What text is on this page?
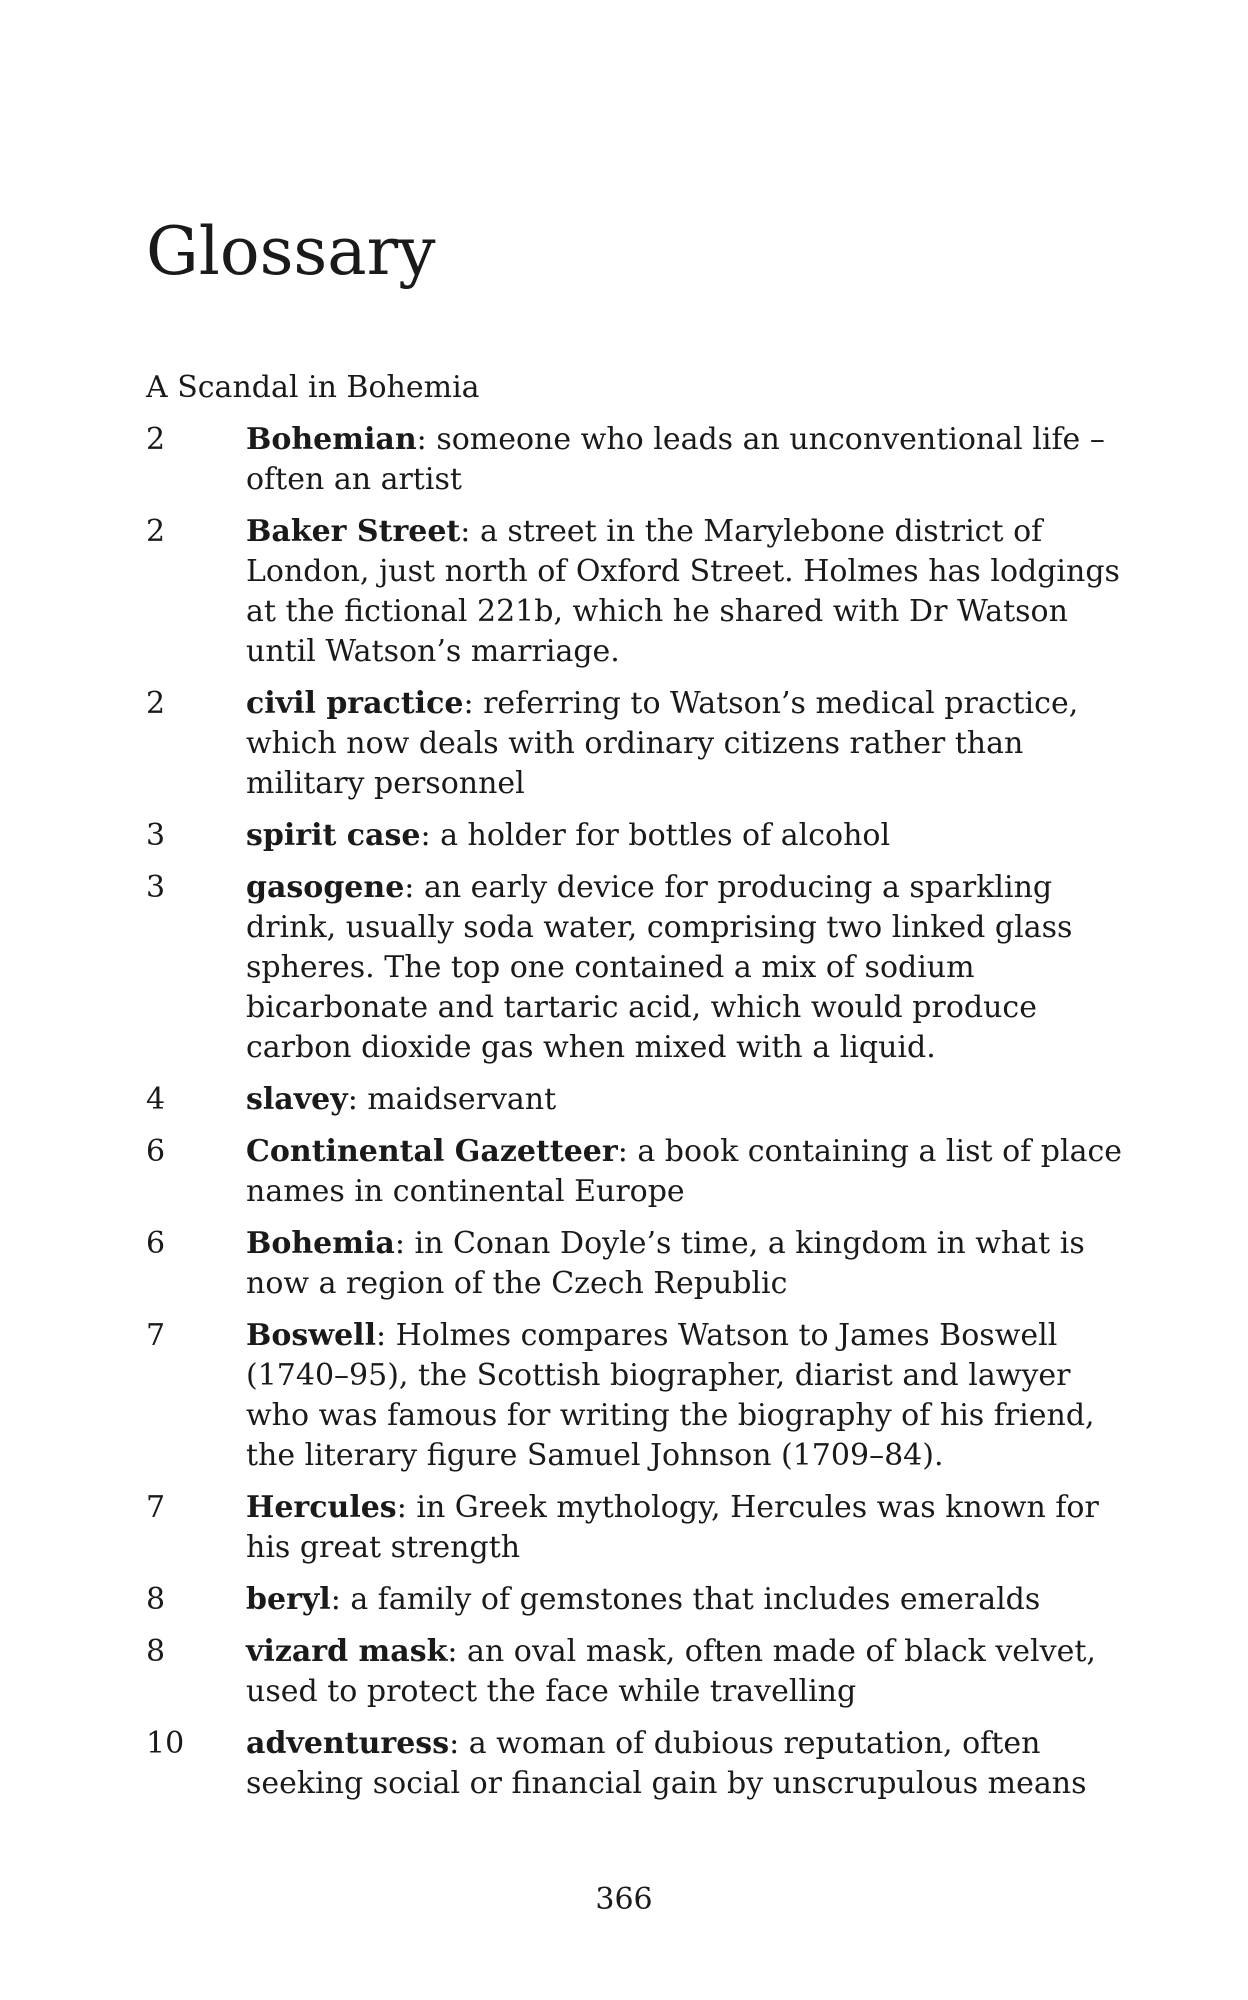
Glossary
A Scandal in Bohemia
2	Bohemian: someone who leads an unconventional life – often an artist
2	Baker Street: a street in the Marylebone district of London, just north of Oxford Street. Holmes has lodgings at the fictional 221b, which he shared with Dr Watson until Watson’s marriage.
2	civil practice: referring to Watson’s medical practice, which now deals with ordinary citizens rather than military personnel
3	spirit case: a holder for bottles of alcohol
3	gasogene: an early device for producing a sparkling drink, usually soda water, comprising two linked glass spheres. The top one contained a mix of sodium bicarbonate and tartaric acid, which would produce carbon dioxide gas when mixed with a liquid.
4	slavey: maidservant
6	Continental Gazetteer: a book containing a list of place names in continental Europe
6	Bohemia: in Conan Doyle’s time, a kingdom in what is now a region of the Czech Republic
7	Boswell: Holmes compares Watson to James Boswell (1740–95), the Scottish biographer, diarist and lawyer who was famous for writing the biography of his friend, the literary figure Samuel Johnson (1709–84).
7	Hercules: in Greek mythology, Hercules was known for his great strength
8	beryl: a family of gemstones that includes emeralds
8	vizard mask: an oval mask, often made of black velvet, used to protect the face while travelling
10	adventuress: a woman of dubious reputation, often seeking social or financial gain by unscrupulous means
366
